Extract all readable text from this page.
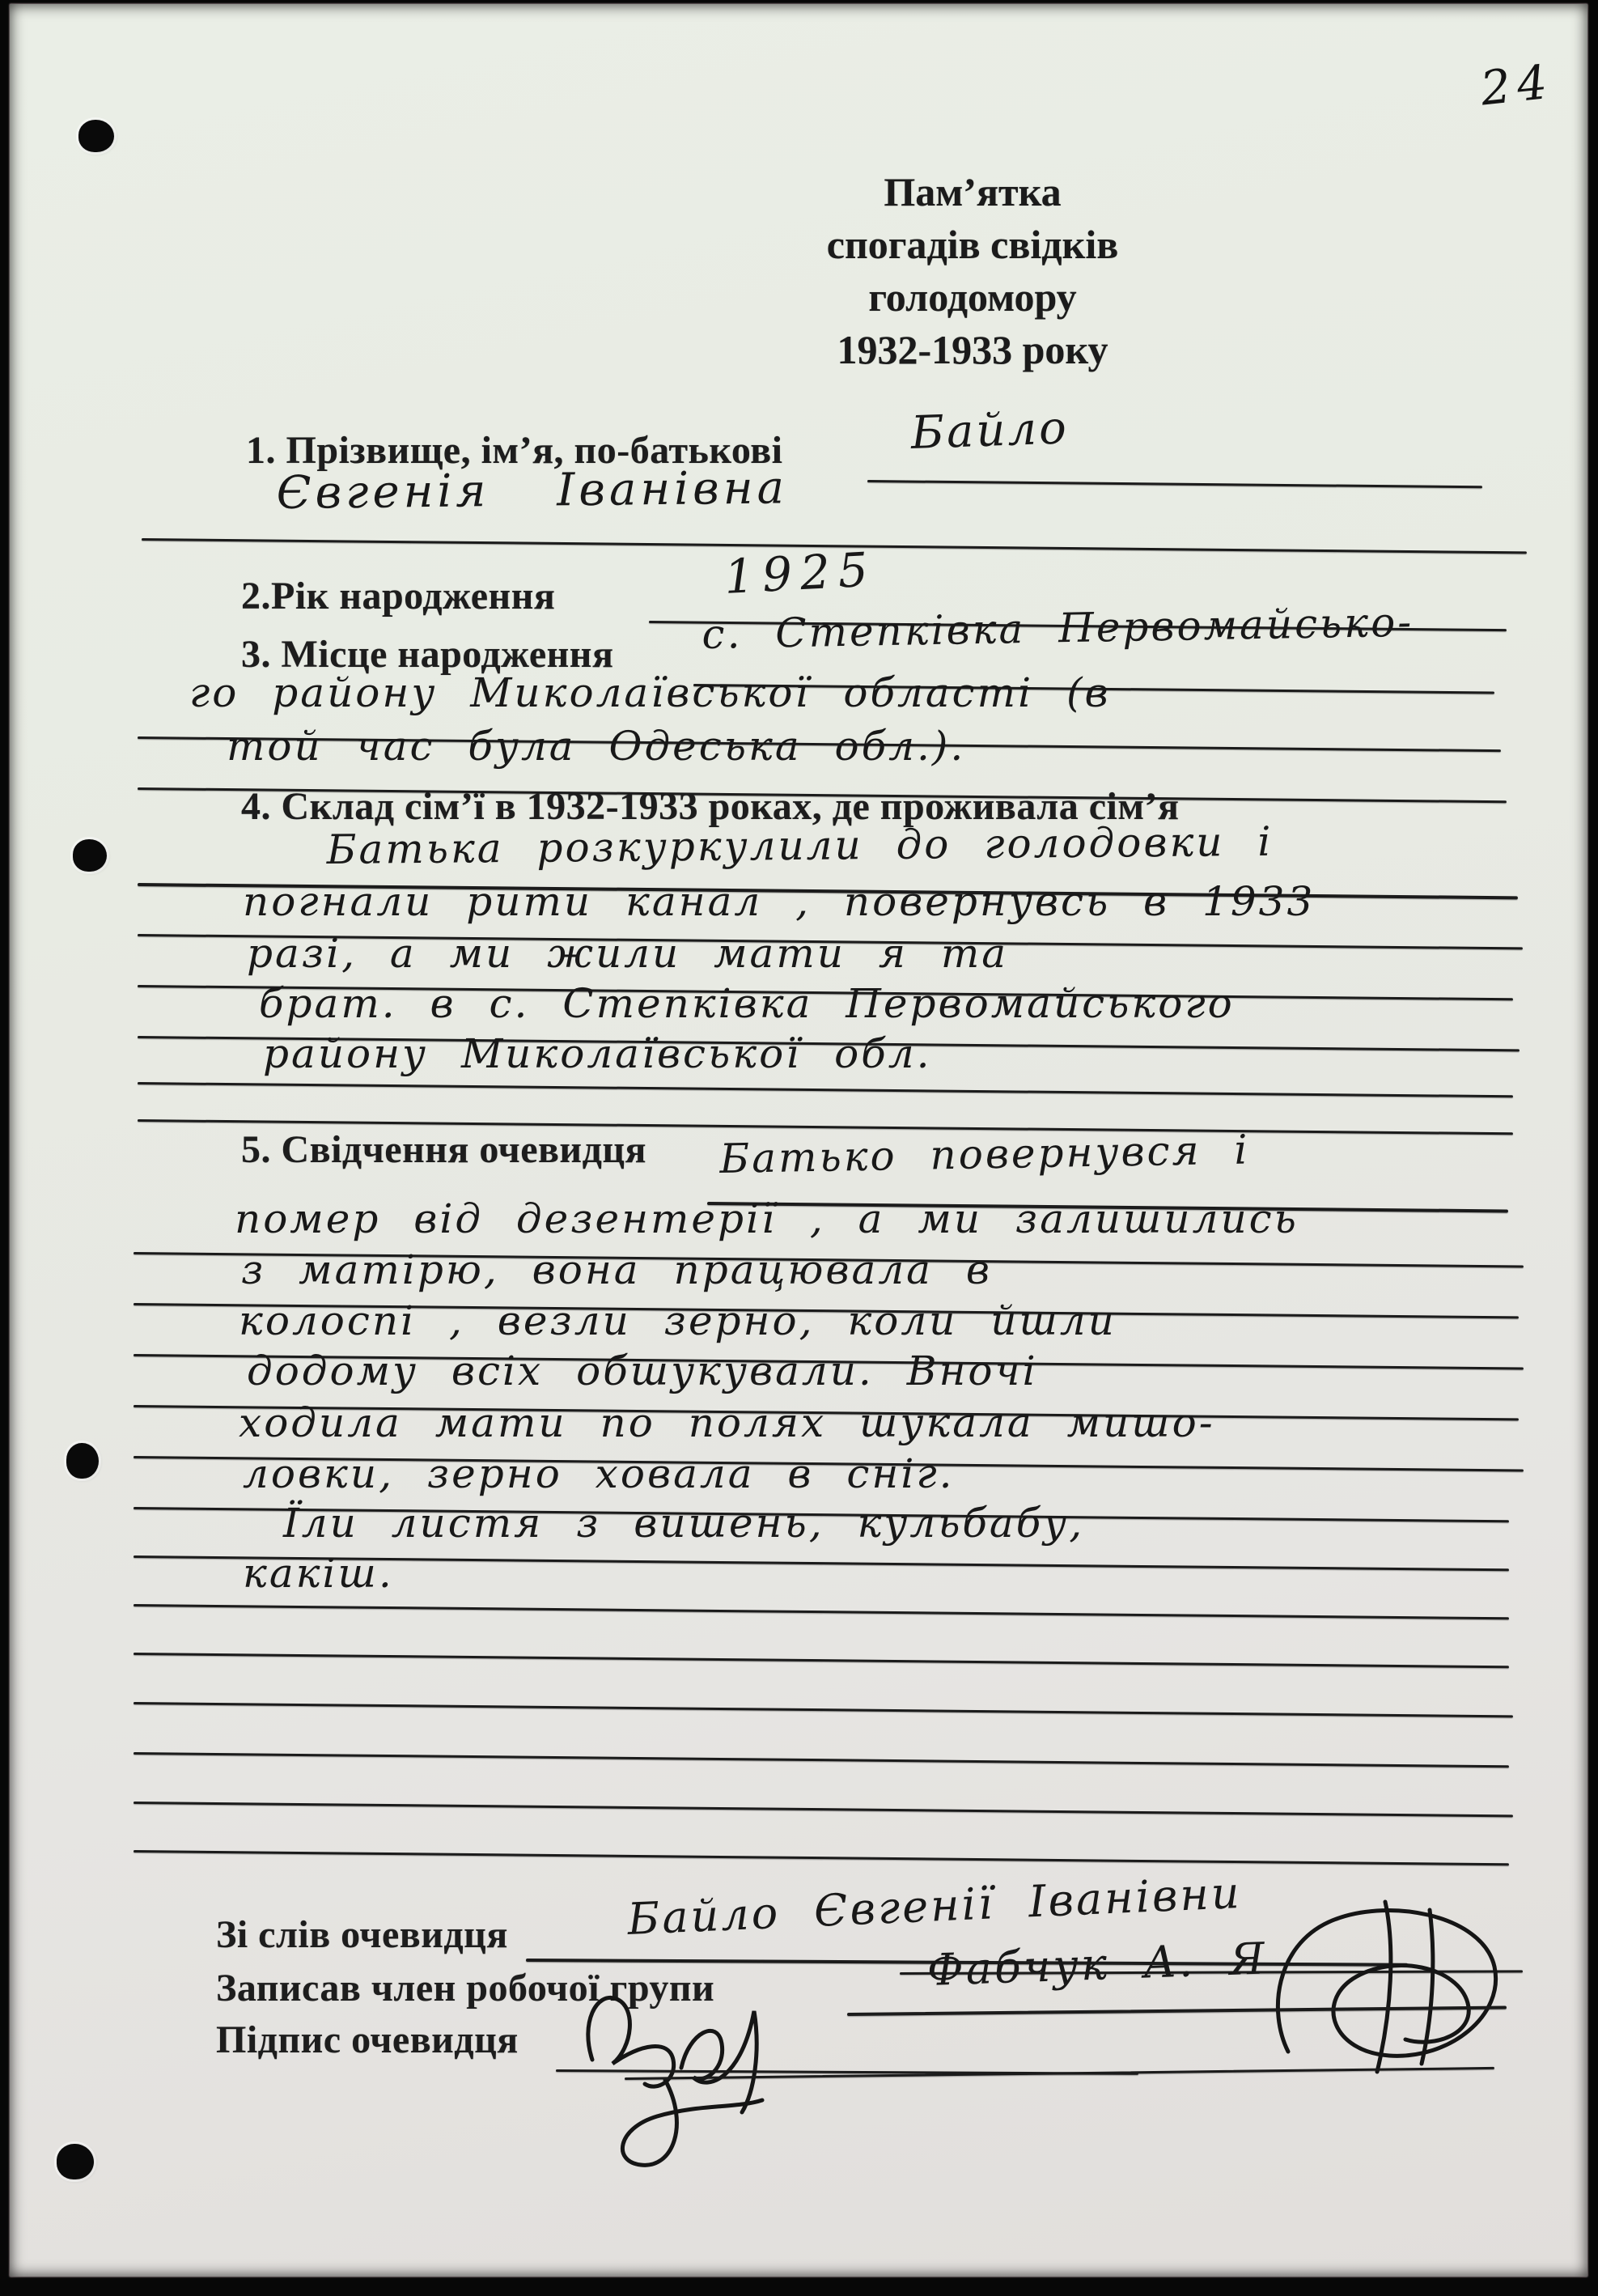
24
Пам’ятка
спогадів свідків
голодомору
1932-1933 року
1. Прізвище, ім’я, по-батькові	Байло
Євгенія Іванівна
2.Рік народження	1925
3. Місце народження с. Степківка Первомайсько-
го району Миколаївської області (в
той час була Одеська обл.).
4. Склад сім’ї в 1932-1933 роках, де проживала сім’я
Батька розкуркулили до голодовки і
погнали рити канал , повернувсь в 1933
разі, а ми жили мати я та
брат. в с. Степківка Первомайського
району Миколаївської обл.
5. Свідчення очевидця Батько повернувся і
помер від дезентерії , а ми залишились
з матірю, вона працювала в
колоспі , везли зерно, коли йшли
додому всіх обшукували. Вночі
ходила мати по полях шукала мишо-
ловки, зерно ховала в сніг.
Їли листя з вишень, кульбабу,
какіш.
Зі слів очевидця	Байло Євгенії Іванівни
Записав член робочої групи	Фабчук А. Я
Підпис очевидця
